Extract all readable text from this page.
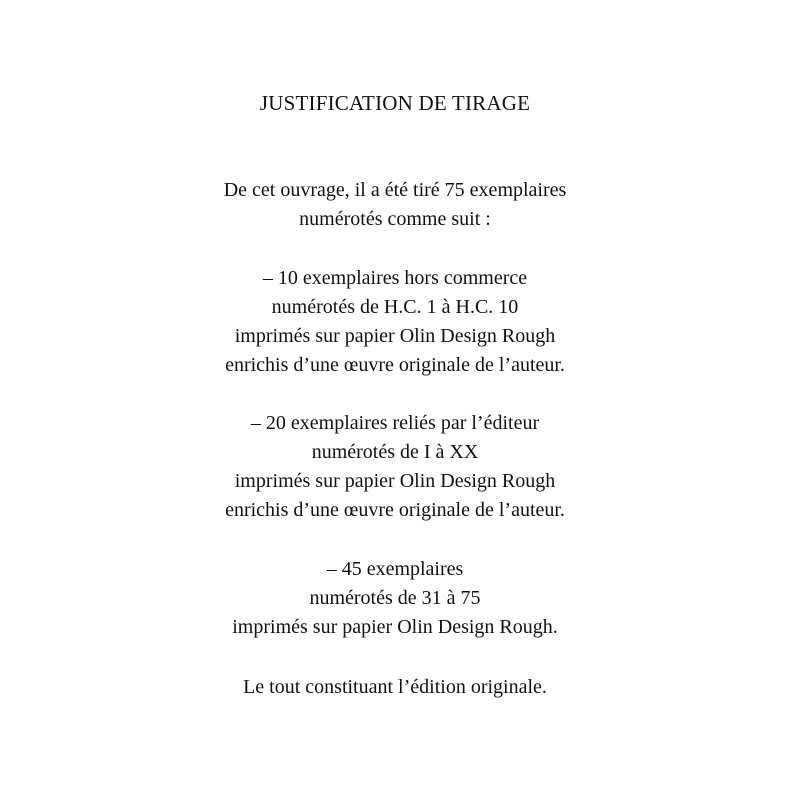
JUSTIFICATION DE TIRAGE
De cet ouvrage, il a été tiré 75 exemplaires
numérotés comme suit :
– 10 exemplaires hors commerce
numérotés de H.C. 1 à H.C. 10
imprimés sur papier Olin Design Rough
enrichis d’une œuvre originale de l’auteur.
– 20 exemplaires reliés par l’éditeur
numérotés de I à XX
imprimés sur papier Olin Design Rough
enrichis d’une œuvre originale de l’auteur.
– 45 exemplaires
numérotés de 31 à 75
imprimés sur papier Olin Design Rough.
Le tout constituant l’édition originale.
